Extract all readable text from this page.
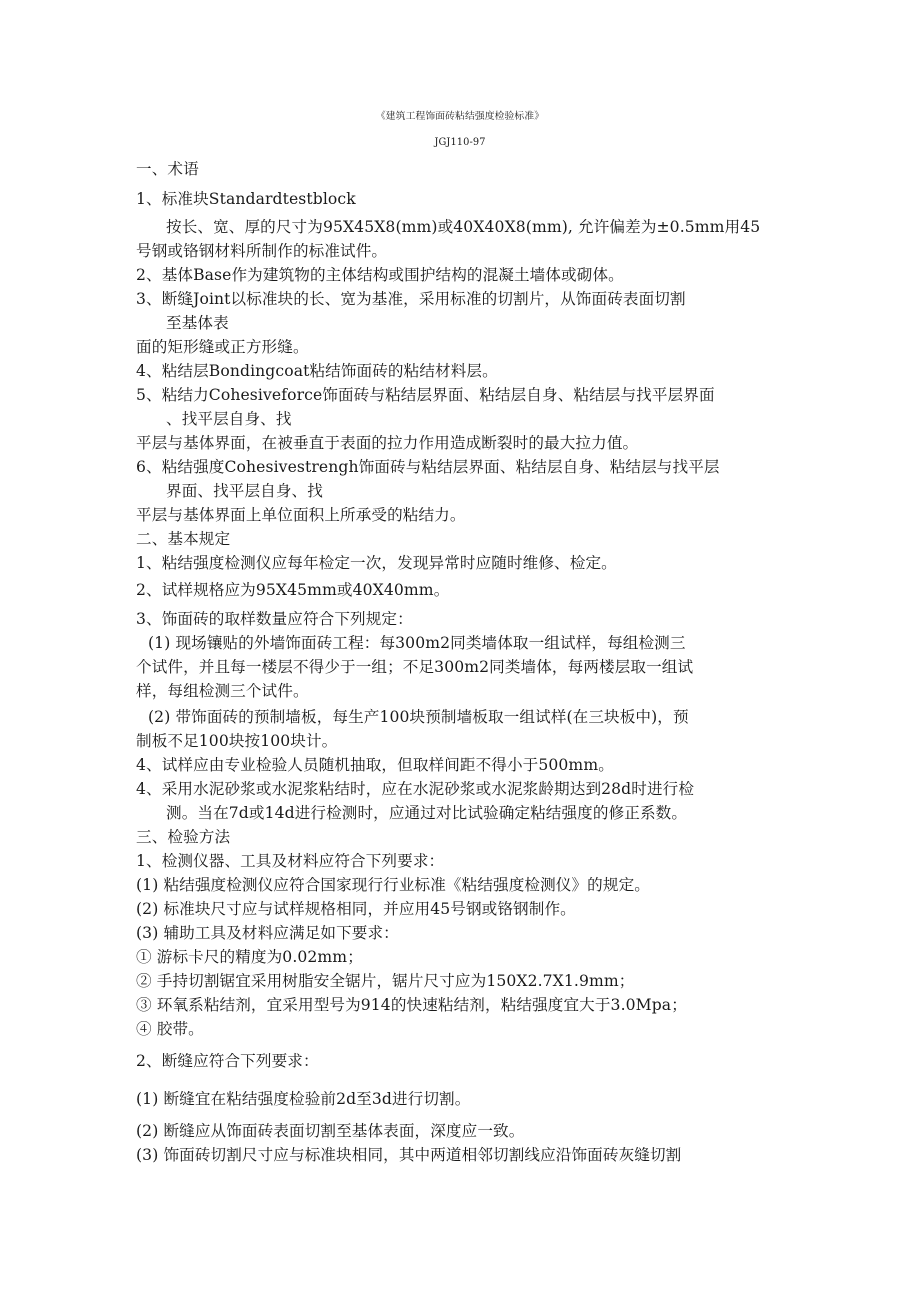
《建筑工程饰面砖粘结强度检验标准》
JGJ110-97
一、术语
1、标准块Standardtestblock
按长、宽、厚的尺寸为95X45X8(mm)或40X40X8(mm), 允许偏差为±0.5mm用45
号钢或铬钢材料所制作的标准试件。
2、基体Base作为建筑物的主体结构或围护结构的混凝土墙体或砌体。
3、断缝Joint以标准块的长、宽为基准，采用标准的切割片，从饰面砖表面切割
至基体表
面的矩形缝或正方形缝。
4、粘结层Bondingcoat粘结饰面砖的粘结材料层。
5、粘结力Cohesiveforce饰面砖与粘结层界面、粘结层自身、粘结层与找平层界面
、找平层自身、找
平层与基体界面，在被垂直于表面的拉力作用造成断裂时的最大拉力值。
6、粘结强度Cohesivestrengh饰面砖与粘结层界面、粘结层自身、粘结层与找平层
界面、找平层自身、找
平层与基体界面上单位面积上所承受的粘结力。
二、基本规定
1、粘结强度检测仪应每年检定一次，发现异常时应随时维修、检定。
2、试样规格应为95X45mm或40X40mm。
3、饰面砖的取样数量应符合下列规定：
(1) 现场镶贴的外墙饰面砖工程：每300m2同类墙体取一组试样，每组检测三
个试件，并且每一楼层不得少于一组；不足300m2同类墙体，每两楼层取一组试
样，每组检测三个试件。
(2) 带饰面砖的预制墙板，每生产100块预制墙板取一组试样(在三块板中)，预
制板不足100块按100块计。
4、试样应由专业检验人员随机抽取，但取样间距不得小于500mm。
4、采用水泥砂浆或水泥浆粘结时，应在水泥砂浆或水泥浆龄期达到28d时进行检
测。当在7d或14d进行检测时，应通过对比试验确定粘结强度的修正系数。
三、检验方法
1、检测仪器、工具及材料应符合下列要求：
(1) 粘结强度检测仪应符合国家现行行业标准《粘结强度检测仪》的规定。
(2) 标准块尺寸应与试样规格相同，并应用45号钢或铬钢制作。
(3) 辅助工具及材料应满足如下要求：
① 游标卡尺的精度为0.02mm；
② 手持切割锯宜采用树脂安全锯片，锯片尺寸应为150X2.7X1.9mm；
③ 环氧系粘结剂，宜采用型号为914的快速粘结剂，粘结强度宜大于3.0Mpa；
④ 胶带。
2、断缝应符合下列要求：
(1) 断缝宜在粘结强度检验前2d至3d进行切割。
(2) 断缝应从饰面砖表面切割至基体表面，深度应一致。
(3) 饰面砖切割尺寸应与标准块相同，其中两道相邻切割线应沿饰面砖灰缝切割
